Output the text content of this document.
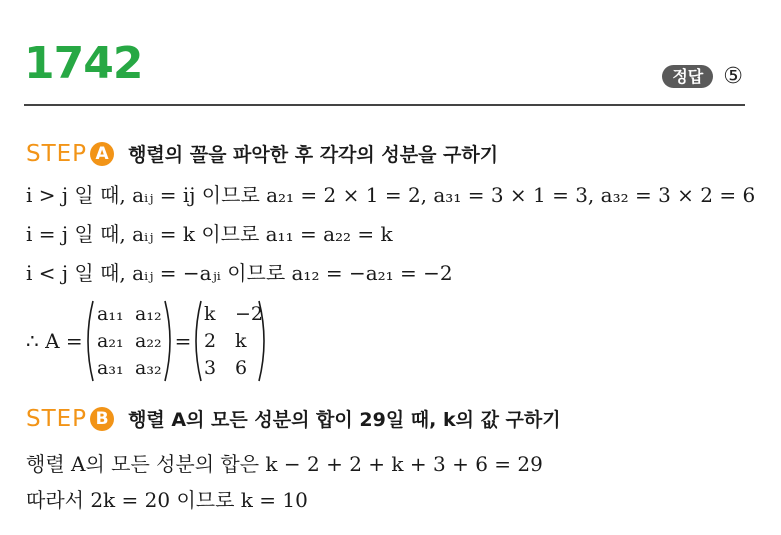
1742	정답 ⑤
STEP A 행렬의 꼴을 파악한 후 각각의 성분을 구하기
i > j 일 때, aᵢⱼ = ij 이므로 a₂₁ = 2 × 1 = 2, a₃₁ = 3 × 1 = 3, a₃₂ = 3 × 2 = 6
i = j 일 때, aᵢⱼ = k 이므로 a₁₁ = a₂₂ = k
i < j 일 때, aᵢⱼ = −aⱼᵢ 이므로 a₁₂ = −a₂₁ = −2
∴ A =
a₁₁ a₁₂
a₂₁ a₂₂
a₃₁ a₃₂
=
k −2
2 k
3 6
STEP B 행렬 A의 모든 성분의 합이 29일 때, k의 값 구하기
행렬 A의 모든 성분의 합은 k − 2 + 2 + k + 3 + 6 = 29
따라서 2k = 20 이므로 k = 10
